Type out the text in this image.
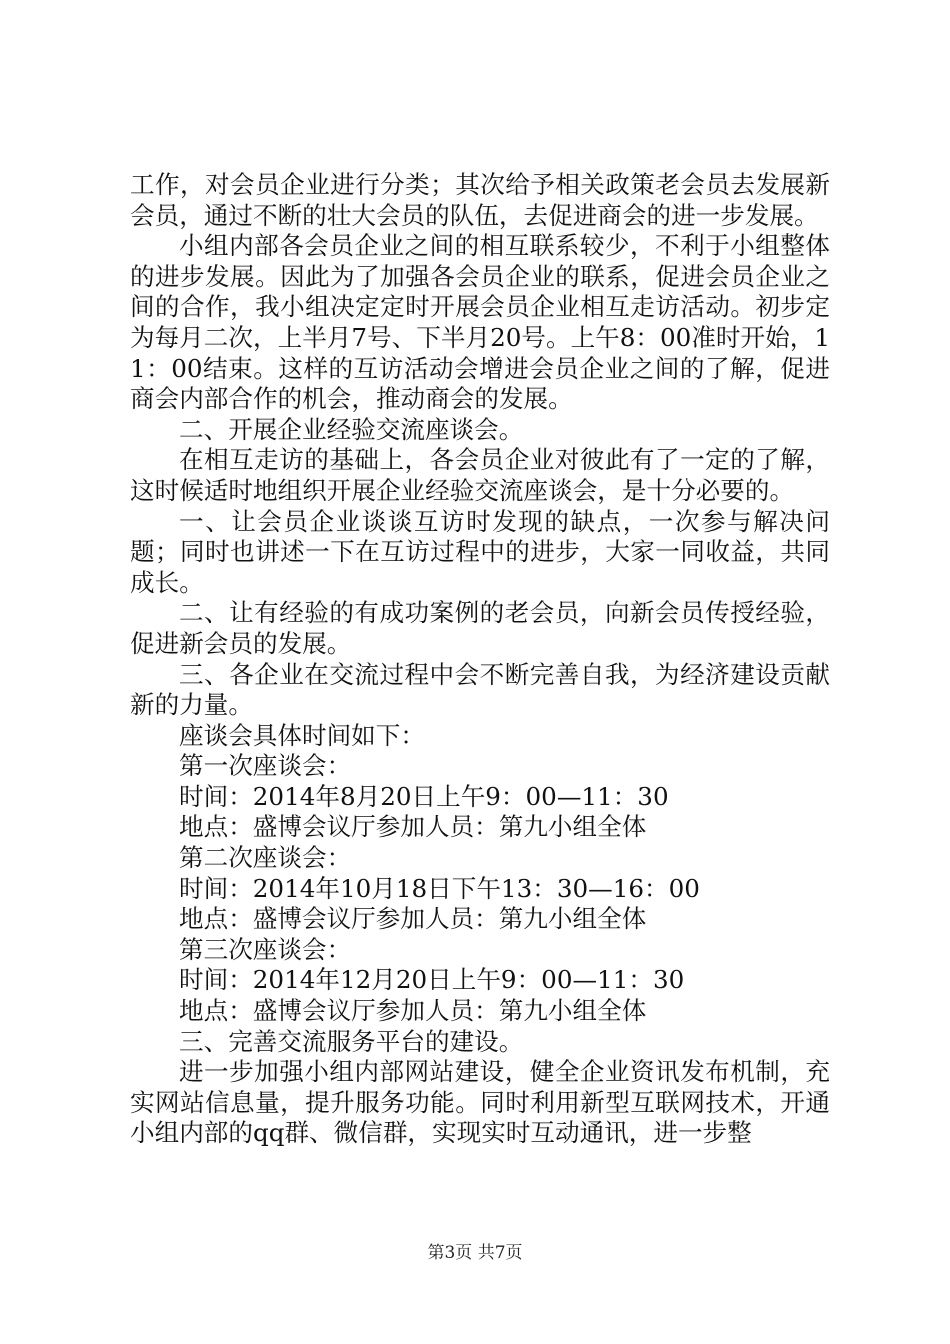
工作，对会员企业进行分类；其次给予相关政策老会员去发展新会员，通过不断的壮大会员的队伍，去促进商会的进一步发展。

小组内部各会员企业之间的相互联系较少，不利于小组整体的进步发展。因此为了加强各会员企业的联系，促进会员企业之间的合作，我小组决定定时开展会员企业相互走访活动。初步定为每月二次，上半月7号、下半月20号。上午8：00准时开始，11：00结束。这样的互访活动会增进会员企业之间的了解，促进商会内部合作的机会，推动商会的发展。

二、开展企业经验交流座谈会。

在相互走访的基础上，各会员企业对彼此有了一定的了解，这时候适时地组织开展企业经验交流座谈会，是十分必要的。

一、让会员企业谈谈互访时发现的缺点，一次参与解决问题；同时也讲述一下在互访过程中的进步，大家一同收益，共同成长。

二、让有经验的有成功案例的老会员，向新会员传授经验，促进新会员的发展。

三、各企业在交流过程中会不断完善自我，为经济建设贡献新的力量。

座谈会具体时间如下：

第一次座谈会：

时间：2014年8月20日上午9：00—11：30

地点：盛博会议厅参加人员：第九小组全体

第二次座谈会：

时间：2014年10月18日下午13：30—16：00

地点：盛博会议厅参加人员：第九小组全体

第三次座谈会：

时间：2014年12月20日上午9：00—11：30

地点：盛博会议厅参加人员：第九小组全体

三、完善交流服务平台的建设。

进一步加强小组内部网站建设，健全企业资讯发布机制，充实网站信息量，提升服务功能。同时利用新型互联网技术，开通小组内部的qq群、微信群，实现实时互动通讯，进一步整

第3页 共7页
